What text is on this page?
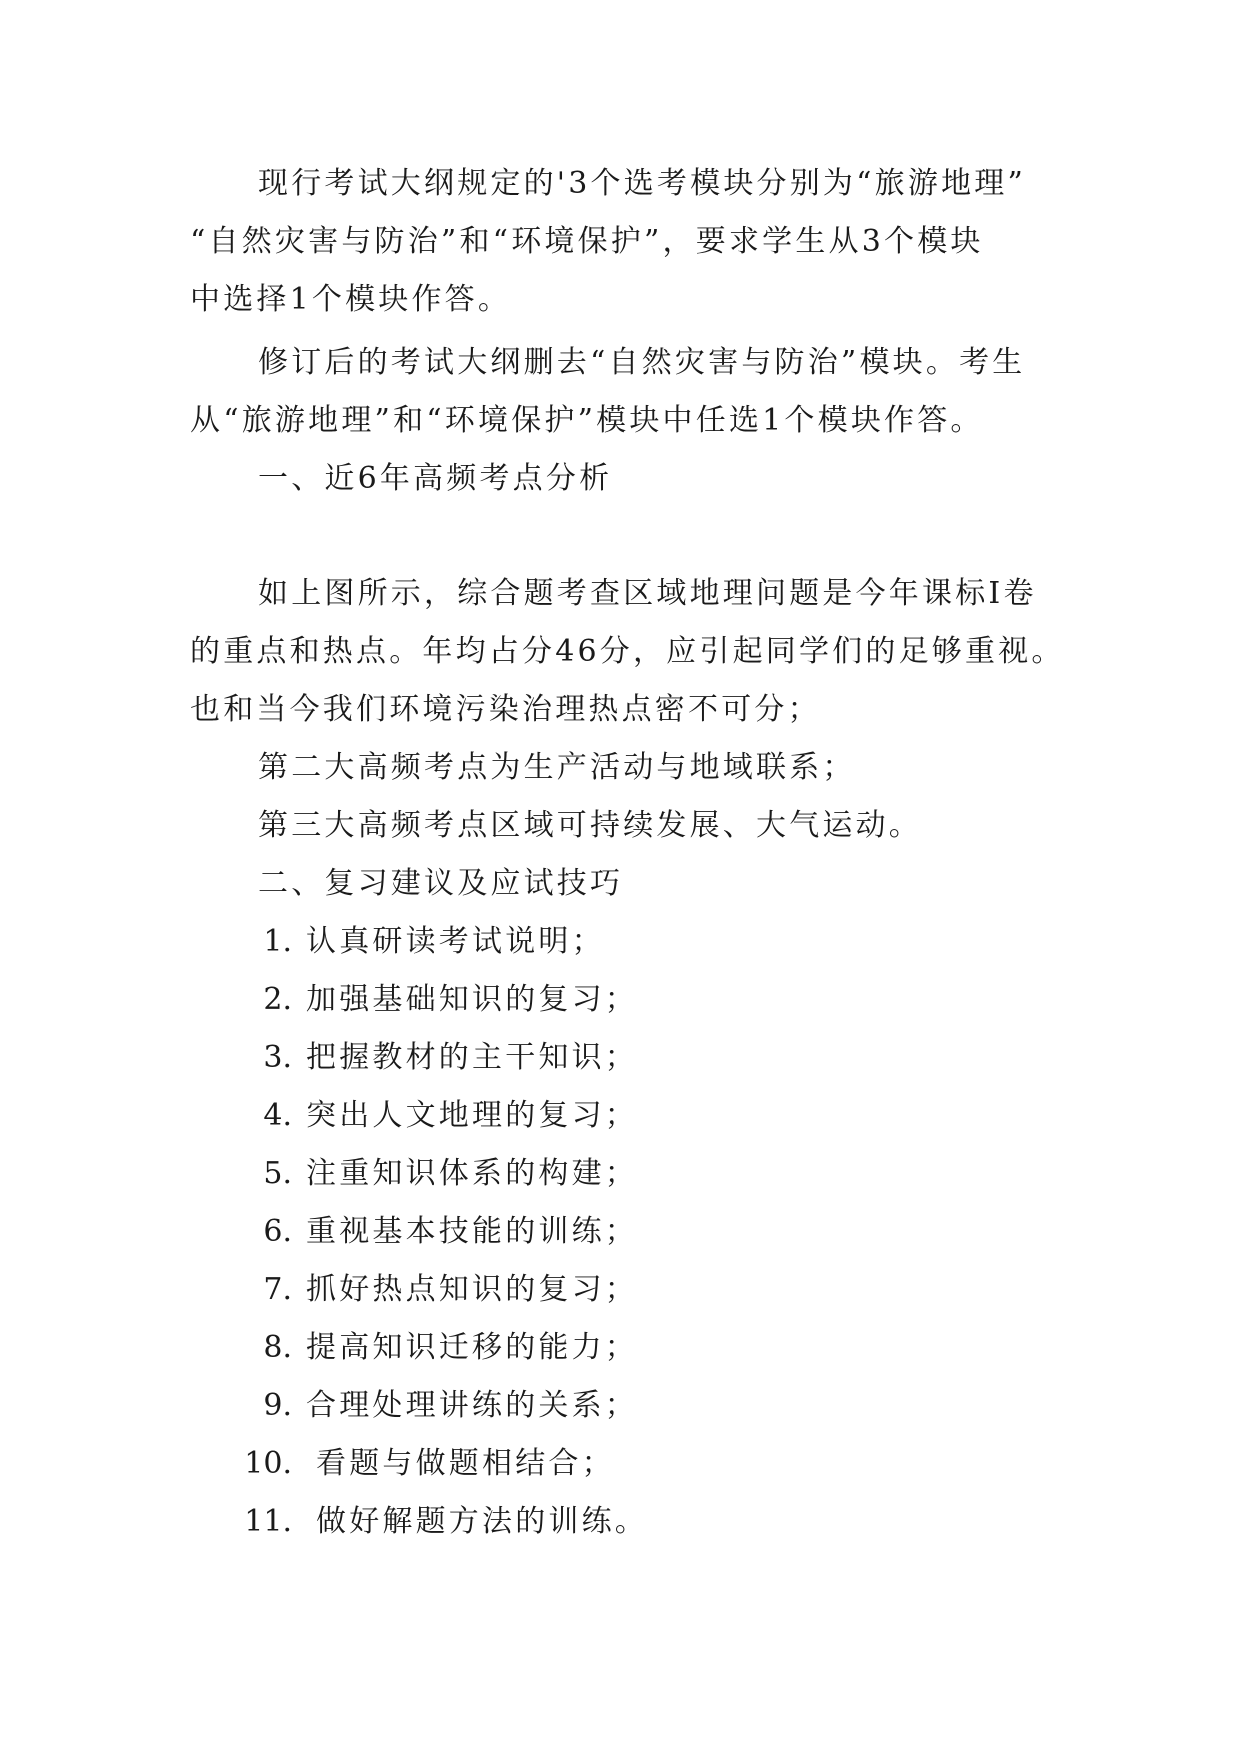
现行考试大纲规定的'3个选考模块分别为“旅游地理”
“自然灾害与防治”和“环境保护”，要求学生从3个模块
中选择1个模块作答。
修订后的考试大纲删去“自然灾害与防治”模块。考生
从“旅游地理”和“环境保护”模块中任选1个模块作答。
一、近6年高频考点分析
如上图所示，综合题考查区域地理问题是今年课标Ⅰ卷
的重点和热点。年均占分46分，应引起同学们的足够重视。
也和当今我们环境污染治理热点密不可分；
第二大高频考点为生产活动与地域联系；
第三大高频考点区域可持续发展、大气运动。
二、复习建议及应试技巧
1. 认真研读考试说明；
2. 加强基础知识的复习；
3. 把握教材的主干知识；
4. 突出人文地理的复习；
5. 注重知识体系的构建；
6. 重视基本技能的训练；
7. 抓好热点知识的复习；
8. 提高知识迁移的能力；
9. 合理处理讲练的关系；
10. 看题与做题相结合；
11. 做好解题方法的训练。
